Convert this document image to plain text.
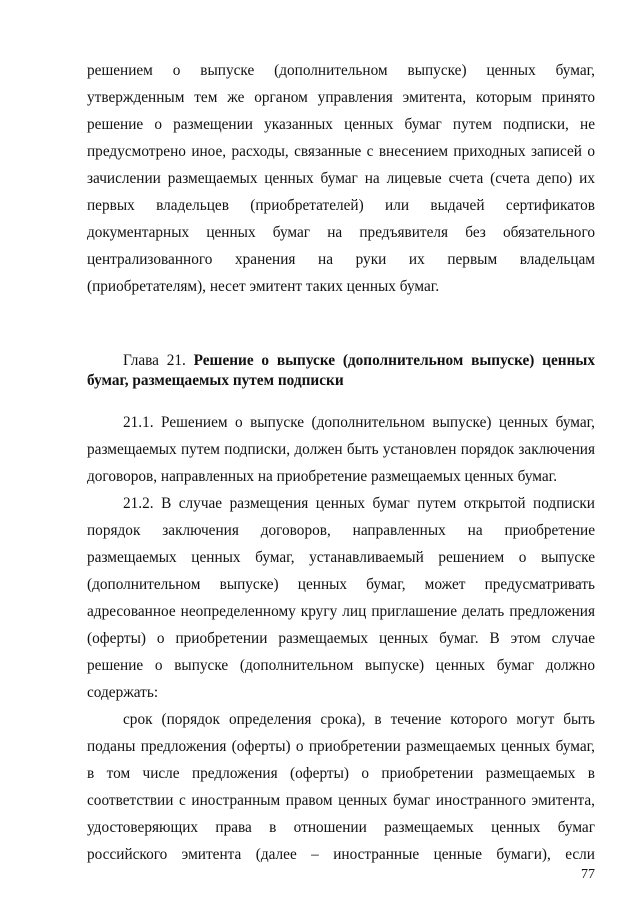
решением о выпуске (дополнительном выпуске) ценных бумаг,
утвержденным тем же органом управления эмитента, которым принято
решение о размещении указанных ценных бумаг путем подписки, не
предусмотрено иное, расходы, связанные с внесением приходных записей о
зачислении размещаемых ценных бумаг на лицевые счета (счета депо) их
первых владельцев (приобретателей) или выдачей сертификатов
документарных ценных бумаг на предъявителя без обязательного
централизованного хранения на руки их первым владельцам
(приобретателям), несет эмитент таких ценных бумаг.
Глава 21. Решение о выпуске (дополнительном выпуске) ценных
бумаг, размещаемых путем подписки
21.1. Решением о выпуске (дополнительном выпуске) ценных бумаг,
размещаемых путем подписки, должен быть установлен порядок заключения
договоров, направленных на приобретение размещаемых ценных бумаг.
21.2. В случае размещения ценных бумаг путем открытой подписки
порядок заключения договоров, направленных на приобретение
размещаемых ценных бумаг, устанавливаемый решением о выпуске
(дополнительном выпуске) ценных бумаг, может предусматривать
адресованное неопределенному кругу лиц приглашение делать предложения
(оферты) о приобретении размещаемых ценных бумаг. В этом случае
решение о выпуске (дополнительном выпуске) ценных бумаг должно
содержать:
срок (порядок определения срока), в течение которого могут быть
поданы предложения (оферты) о приобретении размещаемых ценных бумаг,
в том числе предложения (оферты) о приобретении размещаемых в
соответствии с иностранным правом ценных бумаг иностранного эмитента,
удостоверяющих права в отношении размещаемых ценных бумаг
российского эмитента (далее – иностранные ценные бумаги), если
77
